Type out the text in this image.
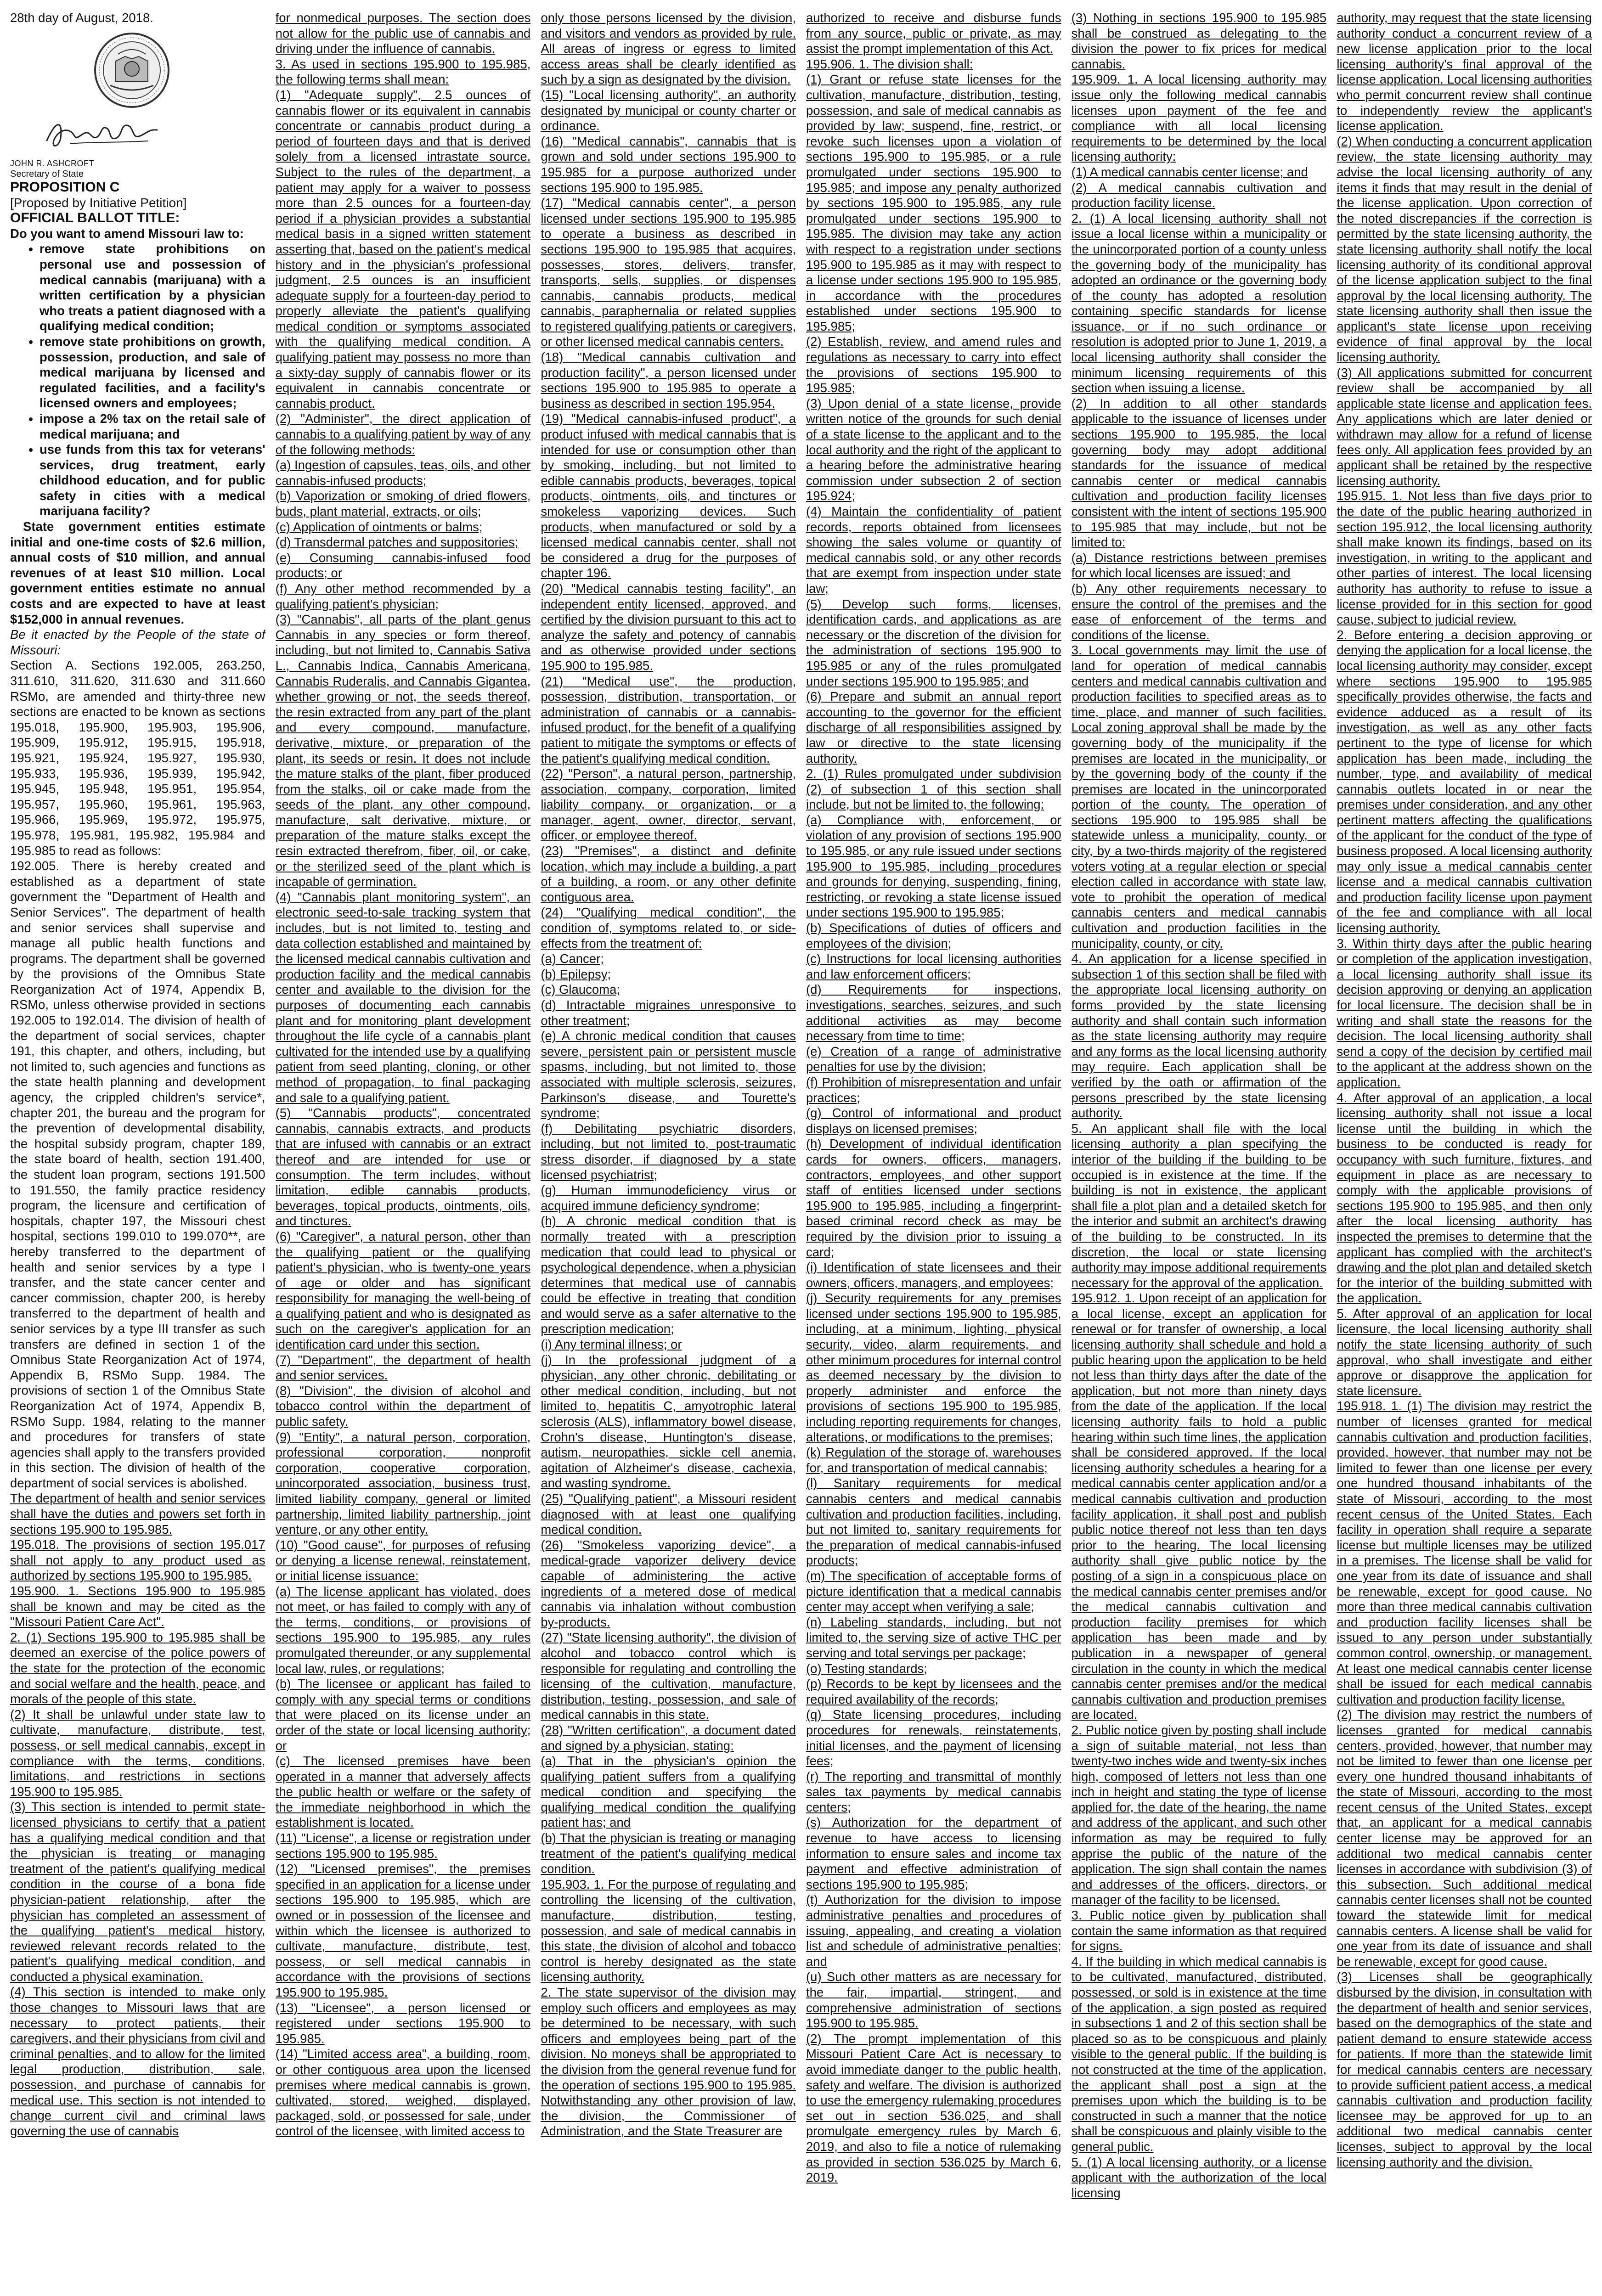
28th day of August, 2018.

JOHN R. ASHCROFT

Secretary of State

PROPOSITION C

[Proposed by Initiative Petition]

OFFICIAL BALLOT TITLE:

Do you want to amend Missouri law to:

• remove state prohibitions on personal use and possession of medical cannabis (marijuana) with a written certification by a physician who treats a patient diagnosed with a qualifying medical condition;
• remove state prohibitions on growth, possession, production, and sale of medical marijuana by licensed and regulated facilities, and a facility's licensed owners and employees;
• impose a 2% tax on the retail sale of medical marijuana; and
• use funds from this tax for veterans' services, drug treatment, early childhood education, and for public safety in cities with a medical marijuana facility?

State government entities estimate initial and one-time costs of $2.6 million, annual costs of $10 million, and annual revenues of at least $10 million. Local government entities estimate no annual costs and are expected to have at least $152,000 in annual revenues.

Be it enacted by the People of the state of Missouri:

Section A. Sections 192.005, 263.250, 311.610, 311.620, 311.630 and 311.660 RSMo, are amended and thirty-three new sections are enacted to be known as sections 195.018, 195.900, 195.903, 195.906, 195.909, 195.912, 195.915, 195.918, 195.921, 195.924, 195.927, 195.930, 195.933, 195.936, 195.939, 195.942, 195.945, 195.948, 195.951, 195.954, 195.957, 195.960, 195.961, 195.963, 195.966, 195.969, 195.972, 195.975, 195.978, 195.981, 195.982, 195.984 and 195.985 to read as follows:

192.005. There is hereby created and established as a department of state government the "Department of Health and Senior Services". The department of health and senior services shall supervise and manage all public health functions and programs. The department shall be governed by the provisions of the Omnibus State Reorganization Act of 1974, Appendix B, RSMo, unless otherwise provided in sections 192.005 to 192.014. The division of health of the department of social services, chapter 191, this chapter, and others, including, but not limited to, such agencies and functions as the state health planning and development agency, the crippled children's service*, chapter 201, the bureau and the program for the prevention of developmental disability, the hospital subsidy program, chapter 189, the state board of health, section 191.400, the student loan program, sections 191.500 to 191.550, the family practice residency program, the licensure and certification of hospitals, chapter 197, the Missouri chest hospital, sections 199.010 to 199.070**, are hereby transferred to the department of health and senior services by a type I transfer, and the state cancer center and cancer commission, chapter 200, is hereby transferred to the department of health and senior services by a type III transfer as such transfers are defined in section 1 of the Omnibus State Reorganization Act of 1974, Appendix B, RSMo Supp. 1984. The provisions of section 1 of the Omnibus State Reorganization Act of 1974, Appendix B, RSMo Supp. 1984, relating to the manner and procedures for transfers of state agencies shall apply to the transfers provided in this section. The division of health of the department of social services is abolished.

The department of health and senior services shall have the duties and powers set forth in sections 195.900 to 195.985.

195.018. The provisions of section 195.017 shall not apply to any product used as authorized by sections 195.900 to 195.985.

195.900. 1. Sections 195.900 to 195.985 shall be known and may be cited as the "Missouri Patient Care Act".

2. (1) Sections 195.900 to 195.985 shall be deemed an exercise of the police powers of the state for the protection of the economic and social welfare and the health, peace, and morals of the people of this state.

(2) It shall be unlawful under state law to cultivate, manufacture, distribute, test, possess, or sell medical cannabis, except in compliance with the terms, conditions, limitations, and restrictions in sections 195.900 to 195.985.

(3) This section is intended to permit state-licensed physicians to certify that a patient has a qualifying medical condition and that the physician is treating or managing treatment of the patient's qualifying medical condition in the course of a bona fide physician-patient relationship, after the physician has completed an assessment of the qualifying patient's medical history, reviewed relevant records related to the patient's qualifying medical condition, and conducted a physical examination.

(4) This section is intended to make only those changes to Missouri laws that are necessary to protect patients, their caregivers, and their physicians from civil and criminal penalties, and to allow for the limited legal production, distribution, sale, possession, and purchase of cannabis for medical use. This section is not intended to change current civil and criminal laws governing the use of cannabis

for nonmedical purposes. The section does not allow for the public use of cannabis and driving under the influence of cannabis.

3. As used in sections 195.900 to 195.985, the following terms shall mean:

(1) "Adequate supply", 2.5 ounces of cannabis flower or its equivalent in cannabis concentrate or cannabis product during a period of fourteen days and that is derived solely from a licensed intrastate source. Subject to the rules of the department, a patient may apply for a waiver to possess more than 2.5 ounces for a fourteen-day period if a physician provides a substantial medical basis in a signed written statement asserting that, based on the patient's medical history and in the physician's professional judgment, 2.5 ounces is an insufficient adequate supply for a fourteen-day period to properly alleviate the patient's qualifying medical condition or symptoms associated with the qualifying medical condition. A qualifying patient may possess no more than a sixty-day supply of cannabis flower or its equivalent in cannabis concentrate or cannabis product.

(2) "Administer", the direct application of cannabis to a qualifying patient by way of any of the following methods:

(a) Ingestion of capsules, teas, oils, and other cannabis-infused products;

(b) Vaporization or smoking of dried flowers, buds, plant material, extracts, or oils;

(c) Application of ointments or balms;

(d) Transdermal patches and suppositories;

(e) Consuming cannabis-infused food products; or

(f) Any other method recommended by a qualifying patient's physician;

(3) "Cannabis", all parts of the plant genus Cannabis in any species or form thereof, including, but not limited to, Cannabis Sativa L., Cannabis Indica, Cannabis Americana, Cannabis Ruderalis, and Cannabis Gigantea, whether growing or not, the seeds thereof, the resin extracted from any part of the plant and every compound, manufacture, derivative, mixture, or preparation of the plant, its seeds or resin. It does not include the mature stalks of the plant, fiber produced from the stalks, oil or cake made from the seeds of the plant, any other compound, manufacture, salt derivative, mixture, or preparation of the mature stalks except the resin extracted therefrom, fiber, oil, or cake, or the sterilized seed of the plant which is incapable of germination.

(4) "Cannabis plant monitoring system", an electronic seed-to-sale tracking system that includes, but is not limited to, testing and data collection established and maintained by the licensed medical cannabis cultivation and production facility and the medical cannabis center and available to the division for the purposes of documenting each cannabis plant and for monitoring plant development throughout the life cycle of a cannabis plant cultivated for the intended use by a qualifying patient from seed planting, cloning, or other method of propagation, to final packaging and sale to a qualifying patient.

(5) "Cannabis products", concentrated cannabis, cannabis extracts, and products that are infused with cannabis or an extract thereof and are intended for use or consumption. The term includes, without limitation, edible cannabis products, beverages, topical products, ointments, oils, and tinctures.

(6) "Caregiver", a natural person, other than the qualifying patient or the qualifying patient's physician, who is twenty-one years of age or older and has significant responsibility for managing the well-being of a qualifying patient and who is designated as such on the caregiver's application for an identification card under this section.

(7) "Department", the department of health and senior services.

(8) "Division", the division of alcohol and tobacco control within the department of public safety.

(9) "Entity", a natural person, corporation, professional corporation, nonprofit corporation, cooperative corporation, unincorporated association, business trust, limited liability company, general or limited partnership, limited liability partnership, joint venture, or any other entity.

(10) "Good cause", for purposes of refusing or denying a license renewal, reinstatement, or initial license issuance:

(a) The license applicant has violated, does not meet, or has failed to comply with any of the terms, conditions, or provisions of sections 195.900 to 195.985, any rules promulgated thereunder, or any supplemental local law, rules, or regulations;

(b) The licensee or applicant has failed to comply with any special terms or conditions that were placed on its license under an order of the state or local licensing authority; or

(c) The licensed premises have been operated in a manner that adversely affects the public health or welfare or the safety of the immediate neighborhood in which the establishment is located.

(11) "License", a license or registration under sections 195.900 to 195.985.

(12) "Licensed premises", the premises specified in an application for a license under sections 195.900 to 195.985, which are owned or in possession of the licensee and within which the licensee is authorized to cultivate, manufacture, distribute, test, possess, or sell medical cannabis in accordance with the provisions of sections 195.900 to 195.985.

(13) "Licensee", a person licensed or registered under sections 195.900 to 195.985.

(14) "Limited access area", a building, room, or other contiguous area upon the licensed premises where medical cannabis is grown, cultivated, stored, weighed, displayed, packaged, sold, or possessed for sale, under control of the licensee, with limited access to

only those persons licensed by the division, and visitors and vendors as provided by rule. All areas of ingress or egress to limited access areas shall be clearly identified as such by a sign as designated by the division.

(15) "Local licensing authority", an authority designated by municipal or county charter or ordinance.

(16) "Medical cannabis", cannabis that is grown and sold under sections 195.900 to 195.985 for a purpose authorized under sections 195.900 to 195.985.

(17) "Medical cannabis center", a person licensed under sections 195.900 to 195.985 to operate a business as described in sections 195.900 to 195.985 that acquires, possesses, stores, delivers, transfer, transports, sells, supplies, or dispenses cannabis, cannabis products, medical cannabis, paraphernalia or related supplies to registered qualifying patients or caregivers, or other licensed medical cannabis centers.

(18) "Medical cannabis cultivation and production facility", a person licensed under sections 195.900 to 195.985 to operate a business as described in section 195.954.

(19) "Medical cannabis-infused product", a product infused with medical cannabis that is intended for use or consumption other than by smoking, including, but not limited to edible cannabis products, beverages, topical products, ointments, oils, and tinctures or smokeless vaporizing devices. Such products, when manufactured or sold by a licensed medical cannabis center, shall not be considered a drug for the purposes of chapter 196.

(20) "Medical cannabis testing facility", an independent entity licensed, approved, and certified by the division pursuant to this act to analyze the safety and potency of cannabis and as otherwise provided under sections 195.900 to 195.985.

(21) "Medical use", the production, possession, distribution, transportation, or administration of cannabis or a cannabis-infused product, for the benefit of a qualifying patient to mitigate the symptoms or effects of the patient's qualifying medical condition.

(22) "Person", a natural person, partnership, association, company, corporation, limited liability company, or organization, or a manager, agent, owner, director, servant, officer, or employee thereof.

(23) "Premises", a distinct and definite location, which may include a building, a part of a building, a room, or any other definite contiguous area.

(24) "Qualifying medical condition", the condition of, symptoms related to, or side-effects from the treatment of:

(a) Cancer;

(b) Epilepsy;

(c) Glaucoma;

(d) Intractable migraines unresponsive to other treatment;

(e) A chronic medical condition that causes severe, persistent pain or persistent muscle spasms, including, but not limited to, those associated with multiple sclerosis, seizures, Parkinson's disease, and Tourette's syndrome;

(f) Debilitating psychiatric disorders, including, but not limited to, post-traumatic stress disorder, if diagnosed by a state licensed psychiatrist;

(g) Human immunodeficiency virus or acquired immune deficiency syndrome;

(h) A chronic medical condition that is normally treated with a prescription medication that could lead to physical or psychological dependence, when a physician determines that medical use of cannabis could be effective in treating that condition and would serve as a safer alternative to the prescription medication;

(i) Any terminal illness; or

(j) In the professional judgment of a physician, any other chronic, debilitating or other medical condition, including, but not limited to, hepatitis C, amyotrophic lateral sclerosis (ALS), inflammatory bowel disease, Crohn's disease, Huntington's disease, autism, neuropathies, sickle cell anemia, agitation of Alzheimer's disease, cachexia, and wasting syndrome.

(25) "Qualifying patient", a Missouri resident diagnosed with at least one qualifying medical condition.

(26) "Smokeless vaporizing device", a medical-grade vaporizer delivery device capable of administering the active ingredients of a metered dose of medical cannabis via inhalation without combustion by-products.

(27) "State licensing authority", the division of alcohol and tobacco control which is responsible for regulating and controlling the licensing of the cultivation, manufacture, distribution, testing, possession, and sale of medical cannabis in this state.

(28) "Written certification", a document dated and signed by a physician, stating:

(a) That in the physician's opinion the qualifying patient suffers from a qualifying medical condition and specifying the qualifying medical condition the qualifying patient has; and

(b) That the physician is treating or managing treatment of the patient's qualifying medical condition.

195.903. 1. For the purpose of regulating and controlling the licensing of the cultivation, manufacture, distribution, testing, possession, and sale of medical cannabis in this state, the division of alcohol and tobacco control is hereby designated as the state licensing authority.

2. The state supervisor of the division may employ such officers and employees as may be determined to be necessary, with such officers and employees being part of the division. No moneys shall be appropriated to the division from the general revenue fund for the operation of sections 195.900 to 195.985. Notwithstanding any other provision of law, the division, the Commissioner of Administration, and the State Treasurer are

authorized to receive and disburse funds from any source, public or private, as may assist the prompt implementation of this Act.

195.906. 1. The division shall:

(1) Grant or refuse state licenses for the cultivation, manufacture, distribution, testing, possession, and sale of medical cannabis as provided by law; suspend, fine, restrict, or revoke such licenses upon a violation of sections 195.900 to 195.985, or a rule promulgated under sections 195.900 to 195.985; and impose any penalty authorized by sections 195.900 to 195.985, any rule promulgated under sections 195.900 to 195.985. The division may take any action with respect to a registration under sections 195.900 to 195.985 as it may with respect to a license under sections 195.900 to 195.985, in accordance with the procedures established under sections 195.900 to 195.985;

(2) Establish, review, and amend rules and regulations as necessary to carry into effect the provisions of sections 195.900 to 195.985;

(3) Upon denial of a state license, provide written notice of the grounds for such denial of a state license to the applicant and to the local authority and the right of the applicant to a hearing before the administrative hearing commission under subsection 2 of section 195.924;

(4) Maintain the confidentiality of patient records, reports obtained from licensees showing the sales volume or quantity of medical cannabis sold, or any other records that are exempt from inspection under state law;

(5) Develop such forms, licenses, identification cards, and applications as are necessary or the discretion of the division for the administration of sections 195.900 to 195.985 or any of the rules promulgated under sections 195.900 to 195.985; and

(6) Prepare and submit an annual report accounting to the governor for the efficient discharge of all responsibilities assigned by law or directive to the state licensing authority.

2. (1) Rules promulgated under subdivision (2) of subsection 1 of this section shall include, but not be limited to, the following:

(a) Compliance with, enforcement, or violation of any provision of sections 195.900 to 195.985, or any rule issued under sections 195.900 to 195.985, including procedures and grounds for denying, suspending, fining, restricting, or revoking a state license issued under sections 195.900 to 195.985;

(b) Specifications of duties of officers and employees of the division;

(c) Instructions for local licensing authorities and law enforcement officers;

(d) Requirements for inspections, investigations, searches, seizures, and such additional activities as may become necessary from time to time;

(e) Creation of a range of administrative penalties for use by the division;

(f) Prohibition of misrepresentation and unfair practices;

(g) Control of informational and product displays on licensed premises;

(h) Development of individual identification cards for owners, officers, managers, contractors, employees, and other support staff of entities licensed under sections 195.900 to 195.985, including a fingerprint-based criminal record check as may be required by the division prior to issuing a card;

(i) Identification of state licensees and their owners, officers, managers, and employees;

(j) Security requirements for any premises licensed under sections 195.900 to 195.985, including, at a minimum, lighting, physical security, video, alarm requirements, and other minimum procedures for internal control as deemed necessary by the division to properly administer and enforce the provisions of sections 195.900 to 195.985, including reporting requirements for changes, alterations, or modifications to the premises;

(k) Regulation of the storage of, warehouses for, and transportation of medical cannabis;

(l) Sanitary requirements for medical cannabis centers and medical cannabis cultivation and production facilities, including, but not limited to, sanitary requirements for the preparation of medical cannabis-infused products;

(m) The specification of acceptable forms of picture identification that a medical cannabis center may accept when verifying a sale;

(n) Labeling standards, including, but not limited to, the serving size of active THC per serving and total servings per package;

(o) Testing standards;

(p) Records to be kept by licensees and the required availability of the records;

(q) State licensing procedures, including procedures for renewals, reinstatements, initial licenses, and the payment of licensing fees;

(r) The reporting and transmittal of monthly sales tax payments by medical cannabis centers;

(s) Authorization for the department of revenue to have access to licensing information to ensure sales and income tax payment and effective administration of sections 195.900 to 195.985;

(t) Authorization for the division to impose administrative penalties and procedures of issuing, appealing, and creating a violation list and schedule of administrative penalties; and

(u) Such other matters as are necessary for the fair, impartial, stringent, and comprehensive administration of sections 195.900 to 195.985.

(2) The prompt implementation of this Missouri Patient Care Act is necessary to avoid immediate danger to the public health, safety and welfare. The division is authorized to use the emergency rulemaking procedures set out in section 536.025, and shall promulgate emergency rules by March 6, 2019, and also to file a notice of rulemaking as provided in section 536.025 by March 6, 2019.

(3) Nothing in sections 195.900 to 195.985 shall be construed as delegating to the division the power to fix prices for medical cannabis.

195.909. 1. A local licensing authority may issue only the following medical cannabis licenses upon payment of the fee and compliance with all local licensing requirements to be determined by the local licensing authority:

(1) A medical cannabis center license; and

(2) A medical cannabis cultivation and production facility license.

2. (1) A local licensing authority shall not issue a local license within a municipality or the unincorporated portion of a county unless the governing body of the municipality has adopted an ordinance or the governing body of the county has adopted a resolution containing specific standards for license issuance, or if no such ordinance or resolution is adopted prior to June 1, 2019, a local licensing authority shall consider the minimum licensing requirements of this section when issuing a license.

(2) In addition to all other standards applicable to the issuance of licenses under sections 195.900 to 195.985, the local governing body may adopt additional standards for the issuance of medical cannabis center or medical cannabis cultivation and production facility licenses consistent with the intent of sections 195.900 to 195.985 that may include, but not be limited to:

(a) Distance restrictions between premises for which local licenses are issued; and

(b) Any other requirements necessary to ensure the control of the premises and the ease of enforcement of the terms and conditions of the license.

3. Local governments may limit the use of land for operation of medical cannabis centers and medical cannabis cultivation and production facilities to specified areas as to time, place, and manner of such facilities. Local zoning approval shall be made by the governing body of the municipality if the premises are located in the municipality, or by the governing body of the county if the premises are located in the unincorporated portion of the county. The operation of sections 195.900 to 195.985 shall be statewide unless a municipality, county, or city, by a two-thirds majority of the registered voters voting at a regular election or special election called in accordance with state law, vote to prohibit the operation of medical cannabis centers and medical cannabis cultivation and production facilities in the municipality, county, or city.

4. An application for a license specified in subsection 1 of this section shall be filed with the appropriate local licensing authority on forms provided by the state licensing authority and shall contain such information as the state licensing authority may require and any forms as the local licensing authority may require. Each application shall be verified by the oath or affirmation of the persons prescribed by the state licensing authority.

5. An applicant shall file with the local licensing authority a plan specifying the interior of the building if the building to be occupied is in existence at the time. If the building is not in existence, the applicant shall file a plot plan and a detailed sketch for the interior and submit an architect's drawing of the building to be constructed. In its discretion, the local or state licensing authority may impose additional requirements necessary for the approval of the application.

195.912. 1. Upon receipt of an application for a local license, except an application for renewal or for transfer of ownership, a local licensing authority shall schedule and hold a public hearing upon the application to be held not less than thirty days after the date of the application, but not more than ninety days from the date of the application. If the local licensing authority fails to hold a public hearing within such time lines, the application shall be considered approved. If the local licensing authority schedules a hearing for a medical cannabis center application and/or a medical cannabis cultivation and production facility application, it shall post and publish public notice thereof not less than ten days prior to the hearing. The local licensing authority shall give public notice by the posting of a sign in a conspicuous place on the medical cannabis center premises and/or the medical cannabis cultivation and production facility premises for which application has been made and by publication in a newspaper of general circulation in the county in which the medical cannabis center premises and/or the medical cannabis cultivation and production premises are located.

2. Public notice given by posting shall include a sign of suitable material, not less than twenty-two inches wide and twenty-six inches high, composed of letters not less than one inch in height and stating the type of license applied for, the date of the hearing, the name and address of the applicant, and such other information as may be required to fully apprise the public of the nature of the application. The sign shall contain the names and addresses of the officers, directors, or manager of the facility to be licensed.

3. Public notice given by publication shall contain the same information as that required for signs.

4. If the building in which medical cannabis is to be cultivated, manufactured, distributed, possessed, or sold is in existence at the time of the application, a sign posted as required in subsections 1 and 2 of this section shall be placed so as to be conspicuous and plainly visible to the general public. If the building is not constructed at the time of the application, the applicant shall post a sign at the premises upon which the building is to be constructed in such a manner that the notice shall be conspicuous and plainly visible to the general public.

5. (1) A local licensing authority, or a license applicant with the authorization of the local licensing

authority, may request that the state licensing authority conduct a concurrent review of a new license application prior to the local licensing authority's final approval of the license application. Local licensing authorities who permit concurrent review shall continue to independently review the applicant's license application.

(2) When conducting a concurrent application review, the state licensing authority may advise the local licensing authority of any items it finds that may result in the denial of the license application. Upon correction of the noted discrepancies if the correction is permitted by the state licensing authority, the state licensing authority shall notify the local licensing authority of its conditional approval of the license application subject to the final approval by the local licensing authority. The state licensing authority shall then issue the applicant's state license upon receiving evidence of final approval by the local licensing authority.

(3) All applications submitted for concurrent review shall be accompanied by all applicable state license and application fees. Any applications which are later denied or withdrawn may allow for a refund of license fees only. All application fees provided by an applicant shall be retained by the respective licensing authority.

195.915. 1. Not less than five days prior to the date of the public hearing authorized in section 195.912, the local licensing authority shall make known its findings, based on its investigation, in writing to the applicant and other parties of interest. The local licensing authority has authority to refuse to issue a license provided for in this section for good cause, subject to judicial review.

2. Before entering a decision approving or denying the application for a local license, the local licensing authority may consider, except where sections 195.900 to 195.985 specifically provides otherwise, the facts and evidence adduced as a result of its investigation, as well as any other facts pertinent to the type of license for which application has been made, including the number, type, and availability of medical cannabis outlets located in or near the premises under consideration, and any other pertinent matters affecting the qualifications of the applicant for the conduct of the type of business proposed. A local licensing authority may only issue a medical cannabis center license and a medical cannabis cultivation and production facility license upon payment of the fee and compliance with all local licensing authority.

3. Within thirty days after the public hearing or completion of the application investigation, a local licensing authority shall issue its decision approving or denying an application for local licensure. The decision shall be in writing and shall state the reasons for the decision. The local licensing authority shall send a copy of the decision by certified mail to the applicant at the address shown on the application.

4. After approval of an application, a local licensing authority shall not issue a local license until the building in which the business to be conducted is ready for occupancy with such furniture, fixtures, and equipment in place as are necessary to comply with the applicable provisions of sections 195.900 to 195.985, and then only after the local licensing authority has inspected the premises to determine that the applicant has complied with the architect's drawing and the plot plan and detailed sketch for the interior of the building submitted with the application.

5. After approval of an application for local licensure, the local licensing authority shall notify the state licensing authority of such approval, who shall investigate and either approve or disapprove the application for state licensure.

195.918. 1. (1) The division may restrict the number of licenses granted for medical cannabis cultivation and production facilities, provided, however, that number may not be limited to fewer than one license per every one hundred thousand inhabitants of the state of Missouri, according to the most recent census of the United States. Each facility in operation shall require a separate license but multiple licenses may be utilized in a premises. The license shall be valid for one year from its date of issuance and shall be renewable, except for good cause. No more than three medical cannabis cultivation and production facility licenses shall be issued to any person under substantially common control, ownership, or management. At least one medical cannabis center license shall be issued for each medical cannabis cultivation and production facility license.

(2) The division may restrict the numbers of licenses granted for medical cannabis centers, provided, however, that number may not be limited to fewer than one license per every one hundred thousand inhabitants of the state of Missouri, according to the most recent census of the United States, except that, an applicant for a medical cannabis center license may be approved for an additional two medical cannabis center licenses in accordance with subdivision (3) of this subsection. Such additional medical cannabis center licenses shall not be counted toward the statewide limit for medical cannabis centers. A license shall be valid for one year from its date of issuance and shall be renewable, except for good cause.

(3) Licenses shall be geographically disbursed by the division, in consultation with the department of health and senior services, based on the demographics of the state and patient demand to ensure statewide access for patients. If more than the statewide limit for medical cannabis centers are necessary to provide sufficient patient access, a medical cannabis cultivation and production facility licensee may be approved for up to an additional two medical cannabis center licenses, subject to approval by the local licensing authority and the division.
